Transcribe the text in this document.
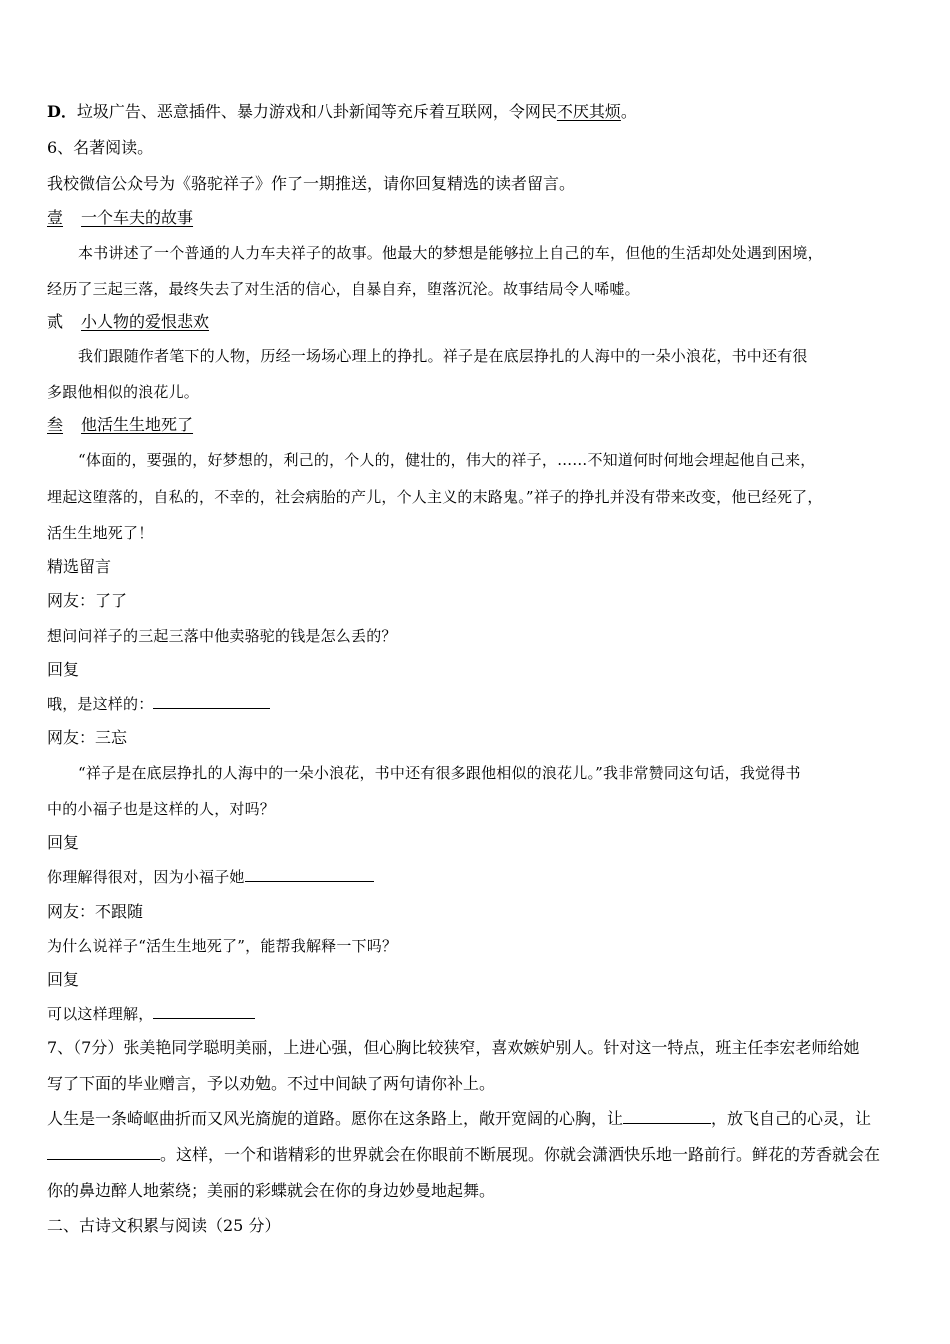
D．垃圾广告、恶意插件、暴力游戏和八卦新闻等充斥着互联网，令网民不厌其烦。
6、名著阅读。
我校微信公众号为《骆驼祥子》作了一期推送，请你回复精选的读者留言。
壹 一个车夫的故事
本书讲述了一个普通的人力车夫祥子的故事。他最大的梦想是能够拉上自己的车，但他的生活却处处遇到困境，
经历了三起三落，最终失去了对生活的信心，自暴自弃，堕落沉沦。故事结局令人唏嘘。
贰 小人物的爱恨悲欢
我们跟随作者笔下的人物，历经一场场心理上的挣扎。祥子是在底层挣扎的人海中的一朵小浪花，书中还有很
多跟他相似的浪花儿。
叁 他活生生地死了
“体面的，要强的，好梦想的，利己的，个人的，健壮的，伟大的祥子，……不知道何时何地会埋起他自己来，
埋起这堕落的，自私的，不幸的，社会病胎的产儿，个人主义的末路鬼。”祥子的挣扎并没有带来改变，他已经死了，
活生生地死了！
精选留言
网友：了了
想问问祥子的三起三落中他卖骆驼的钱是怎么丢的？
回复
哦，是这样的：
网友：三忘
“祥子是在底层挣扎的人海中的一朵小浪花，书中还有很多跟他相似的浪花儿。”我非常赞同这句话，我觉得书
中的小福子也是这样的人，对吗？
回复
你理解得很对，因为小福子她
网友：不跟随
为什么说祥子“活生生地死了”，能帮我解释一下吗？
回复
可以这样理解，
7、（7分）张美艳同学聪明美丽，上进心强，但心胸比较狭窄，喜欢嫉妒别人。针对这一特点，班主任李宏老师给她
写了下面的毕业赠言，予以劝勉。不过中间缺了两句请你补上。
人生是一条崎岖曲折而又风光旖旎的道路。愿你在这条路上，敞开宽阔的心胸，让	，放飞自己的心灵，让
。这样，一个和谐精彩的世界就会在你眼前不断展现。你就会潇洒快乐地一路前行。鲜花的芳香就会在
你的鼻边醉人地萦绕；美丽的彩蝶就会在你的身边妙曼地起舞。
二、古诗文积累与阅读（25 分）
